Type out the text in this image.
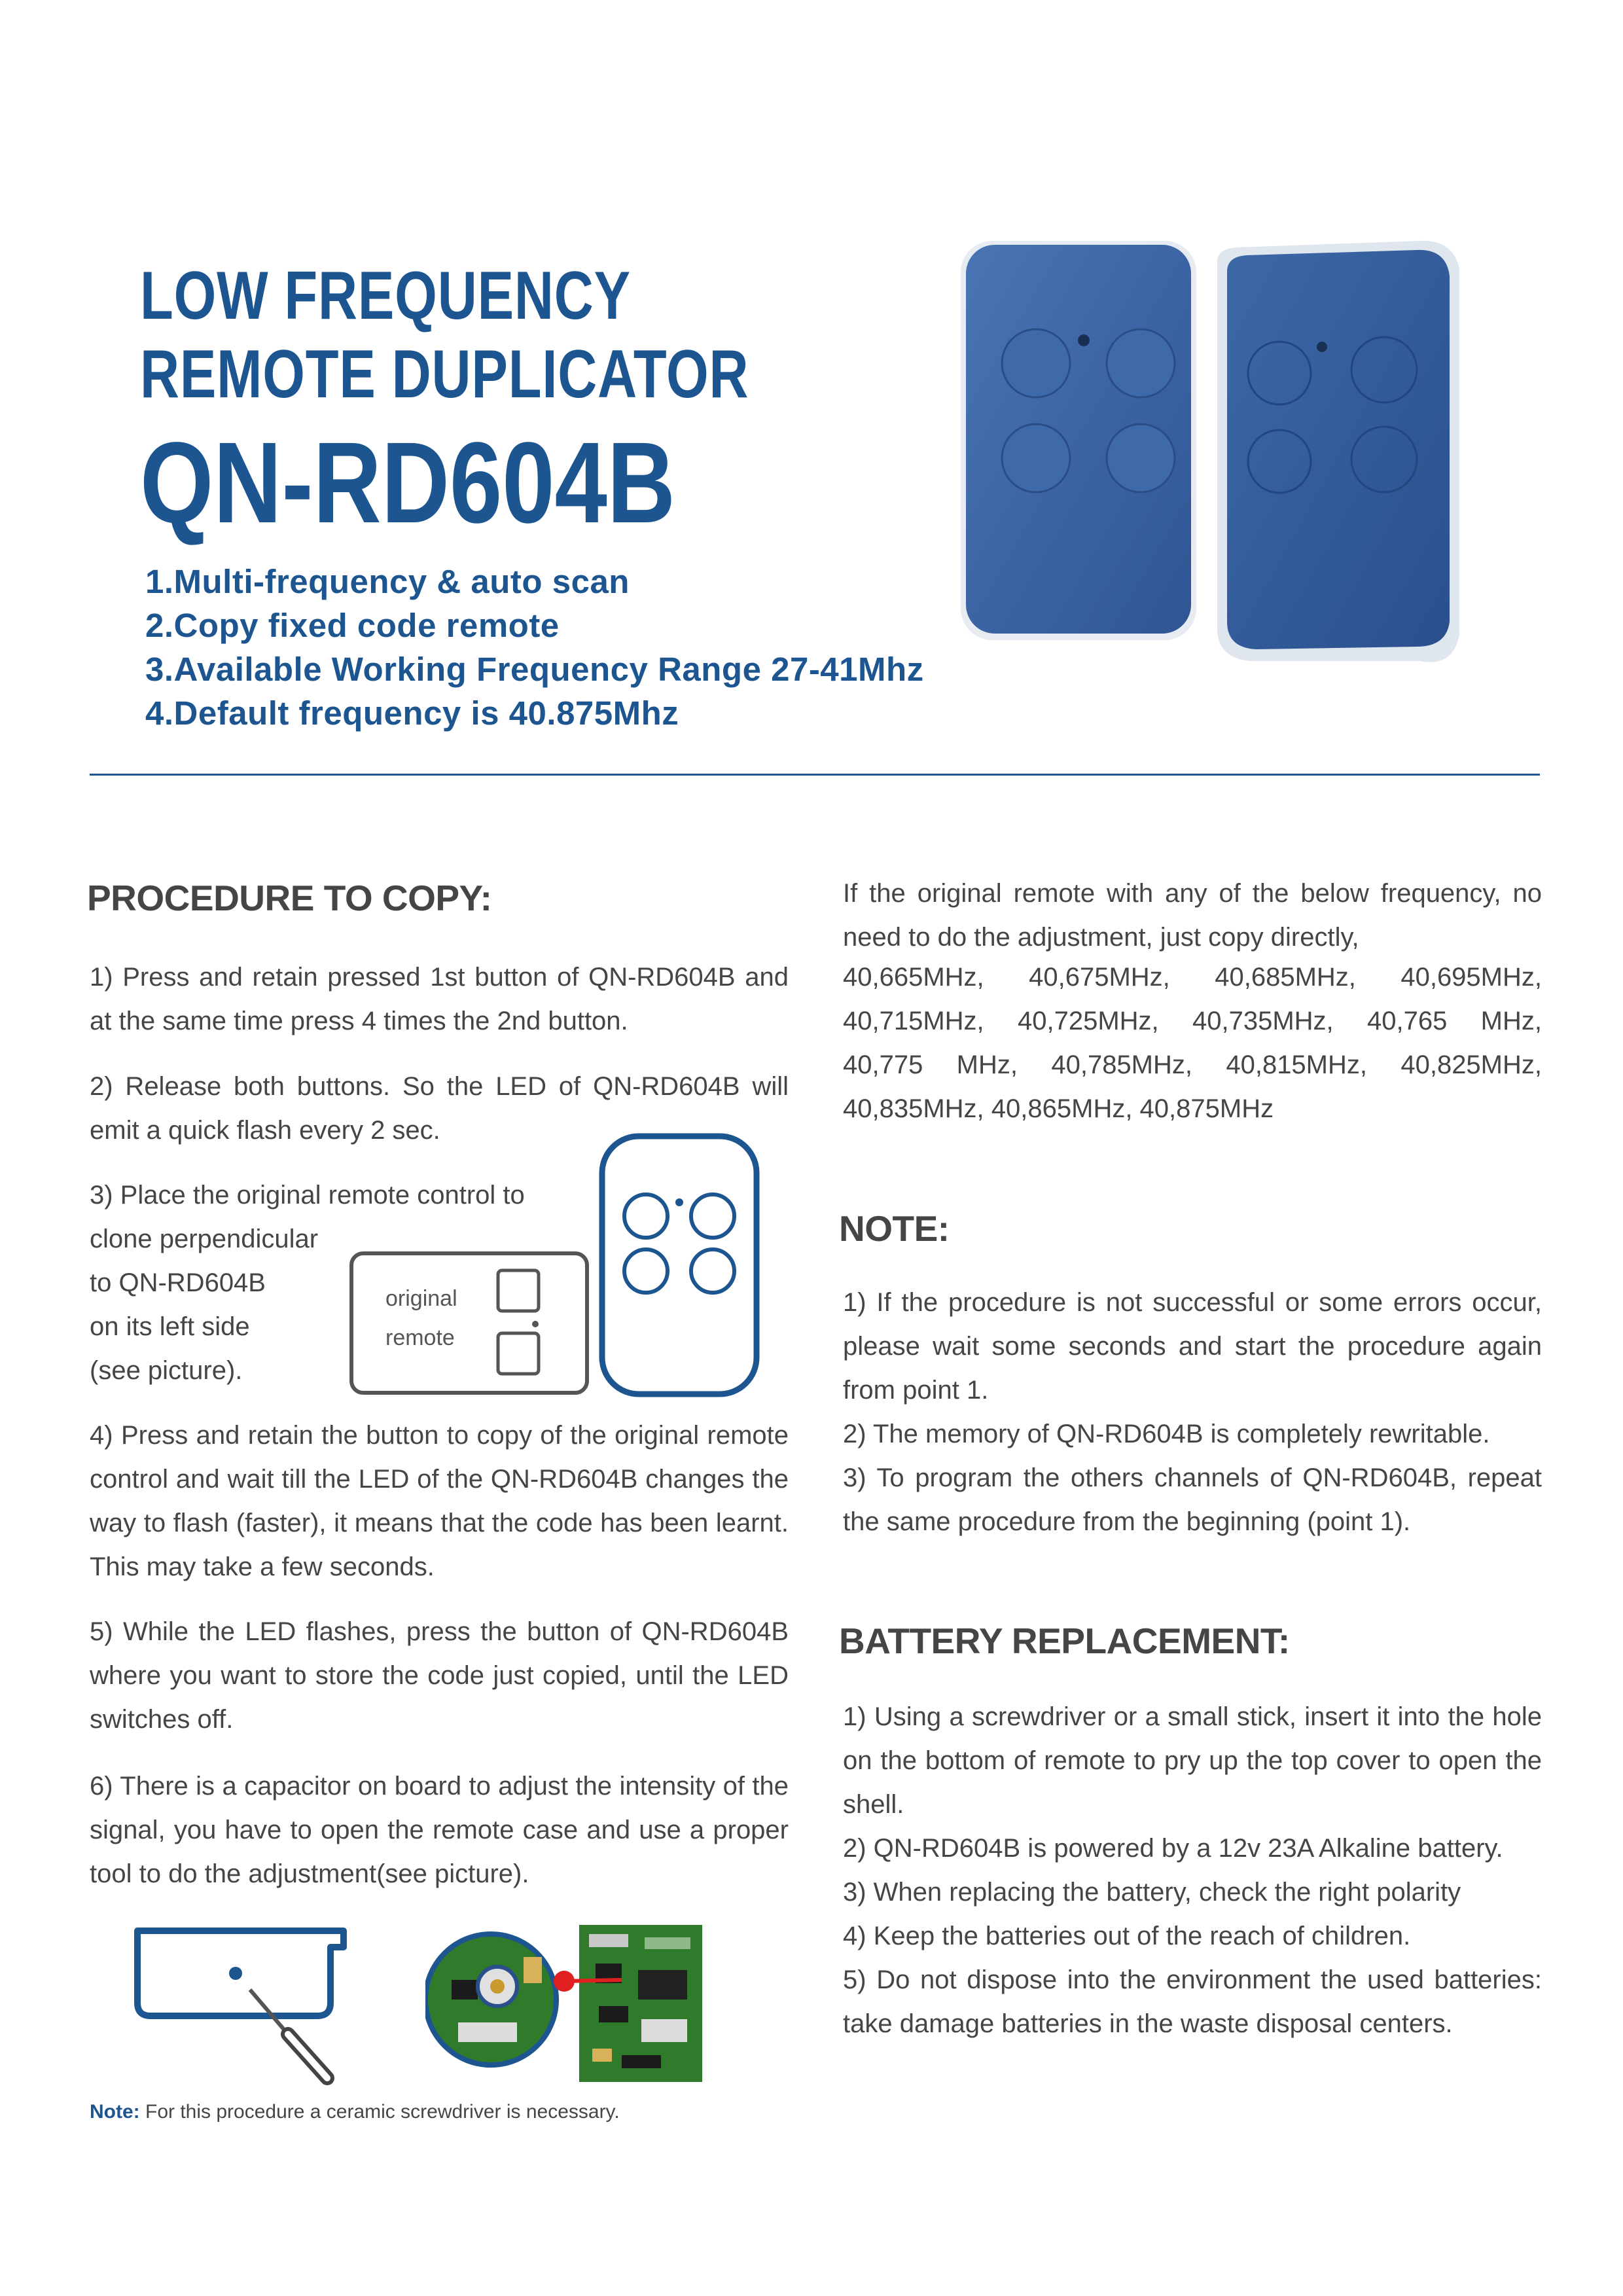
LOW FREQUENCY
REMOTE DUPLICATOR
QN-RD604B
1.Multi-frequency & auto scan
2.Copy fixed code remote
3.Available Working Frequency Range 27-41Mhz
4.Default frequency is 40.875Mhz
PROCEDURE TO COPY:
1) Press and retain pressed 1st button of QN-RD604B and at the same time press 4 times the 2nd button.
2) Release both buttons. So the LED of QN-RD604B will emit a quick flash every 2 sec.
3) Place the original remote control to
clone perpendicular
to QN-RD604B
on its left side
(see picture).
original
remote
4) Press and retain the button to copy of the original remote control and wait till the LED of the QN-RD604B changes the way to flash (faster), it means that the code has been learnt. This may take a few seconds.
5) While the LED flashes, press the button of QN-RD604B where you want to store the code just copied, until the LED switches off.
6) There is a capacitor on board to adjust the intensity of the signal, you have to open the remote case and use a proper tool to do the adjustment(see picture).
Note: For this procedure a ceramic screwdriver is necessary.
If the original remote with any of the below frequency, no need to do the adjustment, just copy directly,
40,665MHz, 40,675MHz, 40,685MHz, 40,695MHz,
40,715MHz, 40,725MHz, 40,735MHz, 40,765 MHz,
40,775 MHz, 40,785MHz, 40,815MHz, 40,825MHz,
40,835MHz, 40,865MHz, 40,875MHz
NOTE:
1) If the procedure is not successful or some errors occur, please wait some seconds and start the procedure again from point 1.
2) The memory of QN-RD604B is completely rewritable.
3) To program the others channels of QN-RD604B, repeat the same procedure from the beginning (point 1).
BATTERY REPLACEMENT:
1) Using a screwdriver or a small stick, insert it into the hole on the bottom of remote to pry up the top cover to open the shell.
2) QN-RD604B is powered by a 12v 23A Alkaline battery.
3) When replacing the battery, check the right polarity
4) Keep the batteries out of the reach of children.
5) Do not dispose into the environment the used batteries: take damage batteries in the waste disposal centers.
